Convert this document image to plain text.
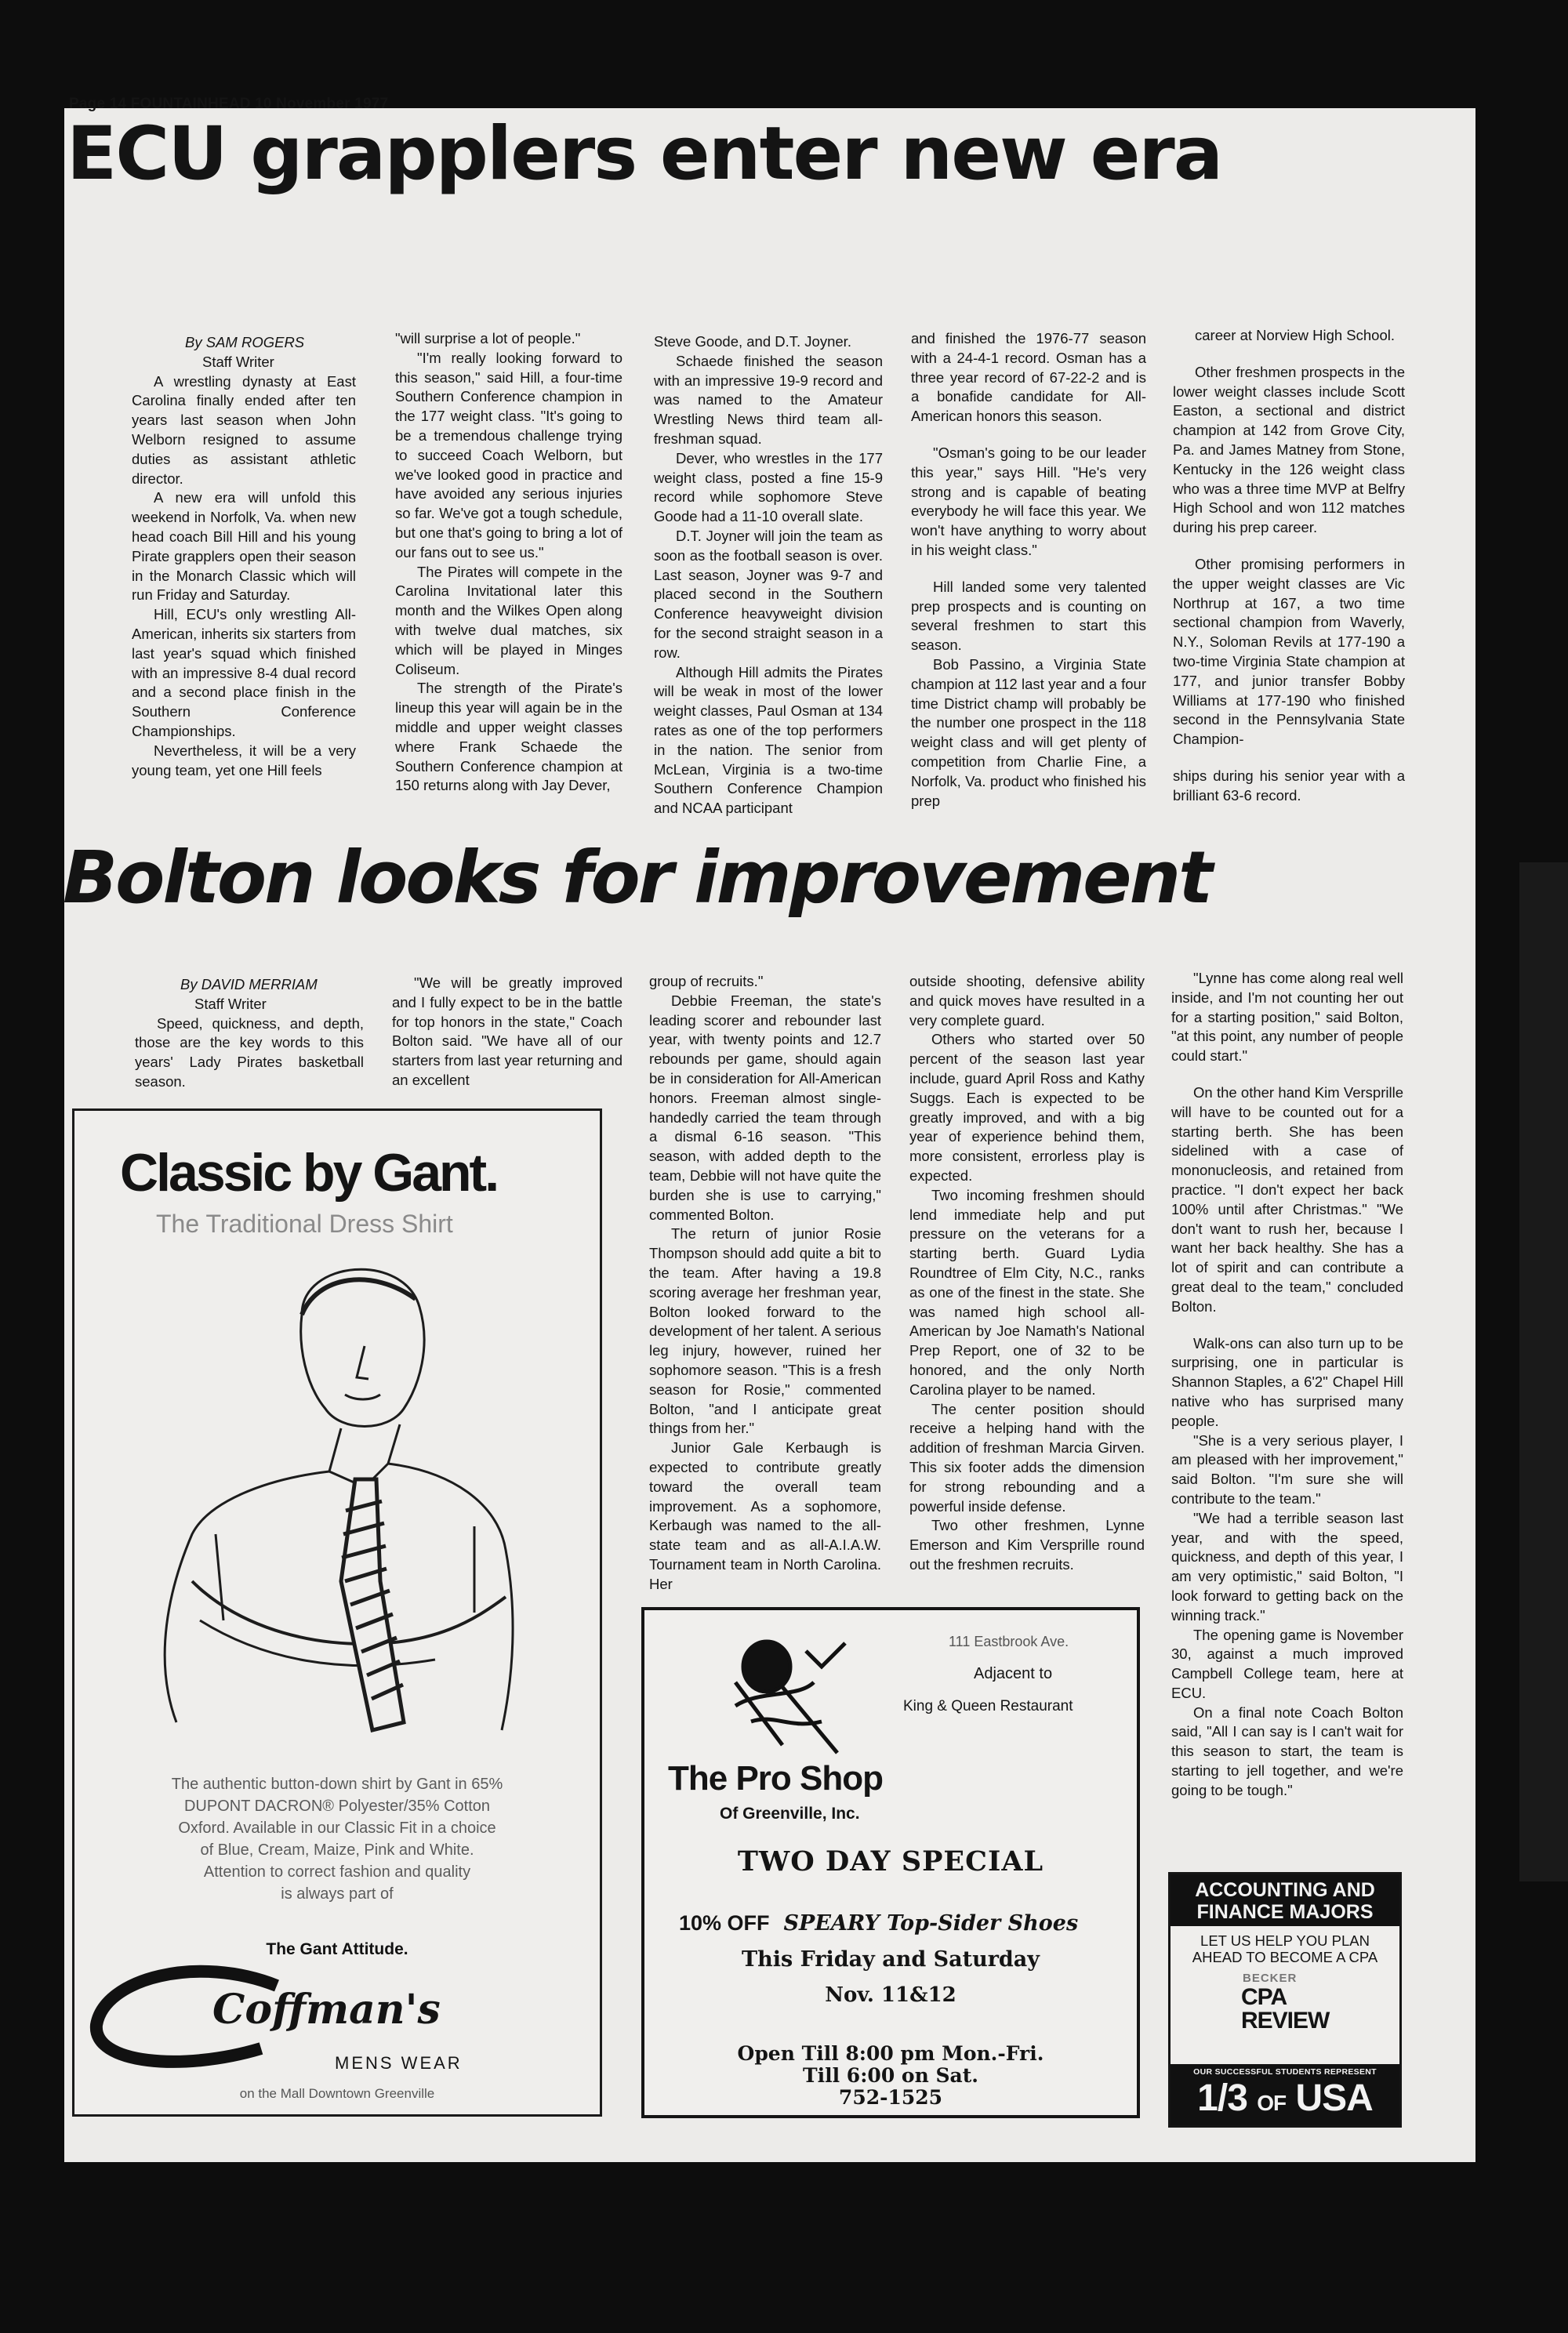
Page 14 FOUNTAINHEAD 10 November 1977
ECU grapplers enter new era

By SAM ROGERS

Staff Writer

A wrestling dynasty at East Carolina finally ended after ten years last season when John Welborn resigned to assume duties as assistant athletic director.

A new era will unfold this weekend in Norfolk, Va. when new head coach Bill Hill and his young Pirate grapplers open their season in the Monarch Classic which will run Friday and Saturday.

Hill, ECU's only wrestling All-American, inherits six starters from last year's squad which finished with an impressive 8-4 dual record and a second place finish in the Southern Conference Championships.

Nevertheless, it will be a very young team, yet one Hill feels

"will surprise a lot of people."

"I'm really looking forward to this season," said Hill, a four-time Southern Conference champion in the 177 weight class. "It's going to be a tremendous challenge trying to succeed Coach Welborn, but we've looked good in practice and have avoided any serious injuries so far. We've got a tough schedule, but one that's going to bring a lot of our fans out to see us."

The Pirates will compete in the Carolina Invitational later this month and the Wilkes Open along with twelve dual matches, six which will be played in Minges Coliseum.

The strength of the Pirate's lineup this year will again be in the middle and upper weight classes where Frank Schaede the Southern Conference champion at 150 returns along with Jay Dever,

Steve Goode, and D.T. Joyner.

Schaede finished the season with an impressive 19-9 record and was named to the Amateur Wrestling News third team all-freshman squad.

Dever, who wrestles in the 177 weight class, posted a fine 15-9 record while sophomore Steve Goode had a 11-10 overall slate.

D.T. Joyner will join the team as soon as the football season is over. Last season, Joyner was 9-7 and placed second in the Southern Conference heavyweight division for the second straight season in a row.

Although Hill admits the Pirates will be weak in most of the lower weight classes, Paul Osman at 134 rates as one of the top performers in the nation. The senior from McLean, Virginia is a two-time Southern Conference Champion and NCAA participant

and finished the 1976-77 season with a 24-4-1 record. Osman has a three year record of 67-22-2 and is a bonafide candidate for All-American honors this season.

"Osman's going to be our leader this year," says Hill. "He's very strong and is capable of beating everybody he will face this year. We won't have anything to worry about in his weight class."

Hill landed some very talented prep prospects and is counting on several freshmen to start this season.

Bob Passino, a Virginia State champion at 112 last year and a four time District champ will probably be the number one prospect in the 118 weight class and will get plenty of competition from Charlie Fine, a Norfolk, Va. product who finished his prep

career at Norview High School.

Other freshmen prospects in the lower weight classes include Scott Easton, a sectional and district champion at 142 from Grove City, Pa. and James Matney from Stone, Kentucky in the 126 weight class who was a three time MVP at Belfry High School and won 112 matches during his prep career.

Other promising performers in the upper weight classes are Vic Northrup at 167, a two time sectional champion from Waverly, N.Y., Soloman Revils at 177-190 a two-time Virginia State champion at 177, and junior transfer Bobby Williams at 177-190 who finished second in the Pennsylvania State Champion-

ships during his senior year with a brilliant 63-6 record.

Bolton looks for improvement

By DAVID MERRIAM

Staff Writer

Speed, quickness, and depth, those are the key words to this years' Lady Pirates basketball season.

"We will be greatly improved and I fully expect to be in the battle for top honors in the state," Coach Bolton said. "We have all of our starters from last year returning and an excellent

group of recruits."

Debbie Freeman, the state's leading scorer and rebounder last year, with twenty points and 12.7 rebounds per game, should again be in consideration for All-American honors. Freeman almost single-handedly carried the team through a dismal 6-16 season. "This season, with added depth to the team, Debbie will not have quite the burden she is use to carrying," commented Bolton.

The return of junior Rosie Thompson should add quite a bit to the team. After having a 19.8 scoring average her freshman year, Bolton looked forward to the development of her talent. A serious leg injury, however, ruined her sophomore season. "This is a fresh season for Rosie," commented Bolton, "and I anticipate great things from her."

Junior Gale Kerbaugh is expected to contribute greatly toward the overall team improvement. As a sophomore, Kerbaugh was named to the all-state team and as all-A.I.A.W. Tournament team in North Carolina. Her

outside shooting, defensive ability and quick moves have resulted in a very complete guard.

Others who started over 50 percent of the season last year include, guard April Ross and Kathy Suggs. Each is expected to be greatly improved, and with a big year of experience behind them, more consistent, errorless play is expected.

Two incoming freshmen should lend immediate help and put pressure on the veterans for a starting berth. Guard Lydia Roundtree of Elm City, N.C., ranks as one of the finest in the state. She was named high school all-American by Joe Namath's National Prep Report, one of 32 to be honored, and the only North Carolina player to be named.

The center position should receive a helping hand with the addition of freshman Marcia Girven. This six footer adds the dimension for strong rebounding and a powerful inside defense.

Two other freshmen, Lynne Emerson and Kim Versprille round out the freshmen recruits.

"Lynne has come along real well inside, and I'm not counting her out for a starting position," said Bolton, "at this point, any number of people could start."

On the other hand Kim Versprille will have to be counted out for a starting berth. She has been sidelined with a case of mononucleosis, and retained from practice. "I don't expect her back 100% until after Christmas." "We don't want to rush her, because I want her back healthy. She has a lot of spirit and can contribute a great deal to the team," concluded Bolton.

Walk-ons can also turn up to be surprising, one in particular is Shannon Staples, a 6'2" Chapel Hill native who has surprised many people.

"She is a very serious player, I am pleased with her improvement," said Bolton. "I'm sure she will contribute to the team."

"We had a terrible season last year, and with the speed, quickness, and depth of this year, I am very optimistic," said Bolton, "I look forward to getting back on the winning track."

The opening game is November 30, against a much improved Campbell College team, here at ECU.

On a final note Coach Bolton said, "All I can say is I can't wait for this season to start, the team is starting to jell together, and we're going to be tough."

Classic by Gant.
The Traditional Dress Shirt
The authentic button-down shirt by Gant in 65%
DUPONT DACRON® Polyester/35% Cotton
Oxford. Available in our Classic Fit in a choice
of Blue, Cream, Maize, Pink and White.
Attention to correct fashion and quality
is always part of
The Gant Attitude.
Coffman's
MENS WEAR
on the Mall Downtown Greenville
111 Eastbrook Ave.
Adjacent to
King & Queen Restaurant
The Pro Shop
Of Greenville, Inc.
TWO DAY SPECIAL
10% OFF SPEARY Top-Sider Shoes
This Friday and Saturday
Nov. 11&12
Open Till 8:00 pm Mon.-Fri.
Till 6:00 on Sat.
752-1525
ACCOUNTING AND
FINANCE MAJORS
LET US HELP YOU PLAN
AHEAD TO BECOME A CPA
BECKER
CPA
REVIEW
OUR SUCCESSFUL STUDENTS REPRESENT
1/3 OF USA
